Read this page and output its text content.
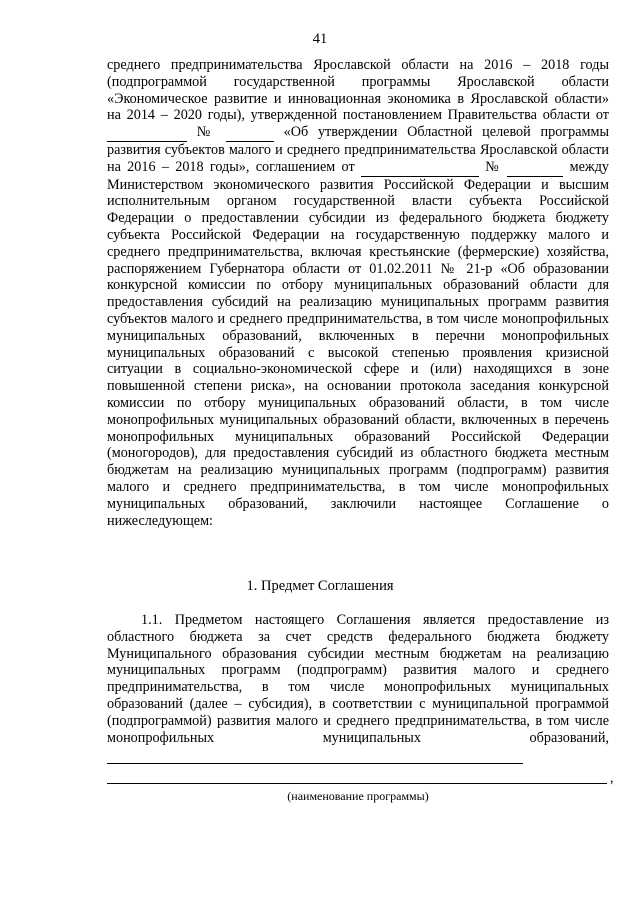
41

среднего предпринимательства Ярославской области на 2016 – 2018 годы (подпрограммой государственной программы Ярославской области «Экономическое развитие и инновационная экономика в Ярославской области» на 2014 – 2020 годы), утвержденной постановлением Правительства области от   №	«Об утверждении Областной целевой программы развития субъектов малого и среднего предпринимательства Ярославской области на 2016 – 2018 годы», соглашением от	№	между Министерством экономического развития Российской Федерации и высшим исполнительным органом государственной власти субъекта Российской Федерации о предоставлении субсидии из федерального бюджета бюджету субъекта Российской Федерации на государственную поддержку малого и среднего предпринимательства, включая крестьянские (фермерские) хозяйства, распоряжением Губернатора области от 01.02.2011 № 21-р «Об образовании конкурсной комиссии по отбору муниципальных образований области для предоставления субсидий на реализацию муниципальных программ развития субъектов малого и среднего предпринимательства, в том числе монопрофильных муниципальных образований, включенных в перечни монопрофильных муниципальных образований с высокой степенью проявления кризисной ситуации в социально-экономической сфере и (или) находящихся в зоне повышенной степени риска», на основании протокола заседания конкурсной комиссии по отбору муниципальных образований области, в том числе монопрофильных муниципальных образований области, включенных в перечень монопрофильных муниципальных образований Российской Федерации (моногородов), для предоставления субсидий из областного бюджета местным бюджетам на реализацию муниципальных программ (подпрограмм) развития малого и среднего предпринимательства, в том числе монопрофильных муниципальных образований, заключили настоящее Соглашение о нижеследующем:

1. Предмет Соглашения

1.1. Предметом настоящего Соглашения является предоставление из областного бюджета за счет средств федерального бюджета бюджету Муниципального образования субсидии местным бюджетам на реализацию муниципальных программ (подпрограмм) развития малого и среднего предпринимательства, в том числе монопрофильных муниципальных образований (далее – субсидия), в соответствии с муниципальной программой (подпрограммой) развития малого и среднего предпринимательства, в том числе монопрофильных муниципальных образований,

,
(наименование программы)
